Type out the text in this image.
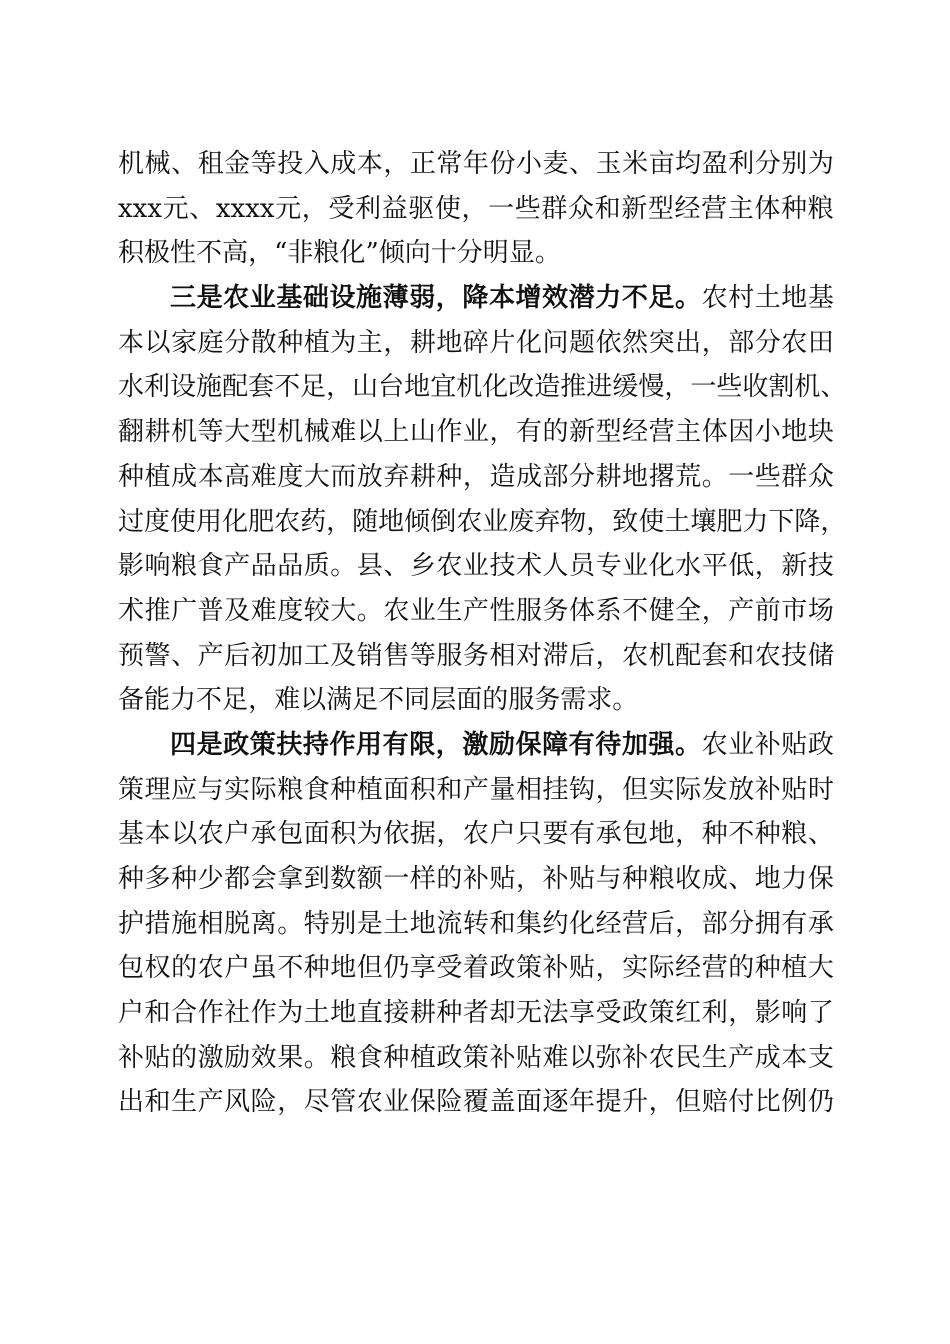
机 械 、 租 金 等 投 入 成 本 ， 正 常 年 份 小 麦 、 玉 米 亩 均 盈 利 分 别 为
xxx 元 、 xxxx 元 ， 受 利 益 驱 使 ， 一 些 群 众 和 新 型 经 营 主 体 种 粮
积 极 性 不 高 ， “ 非 粮 化 ” 倾 向 十 分 明 显 。
三 是 农 业 基 础 设 施 薄 弱 ， 降 本 增 效 潜 力 不 足 。 农 村 土 地 基
本 以 家 庭 分 散 种 植 为 主 ， 耕 地 碎 片 化 问 题 依 然 突 出 ， 部 分 农 田
水 利 设 施 配 套 不 足 ， 山 台 地 宜 机 化 改 造 推 进 缓 慢 ， 一 些 收 割 机 、
翻 耕 机 等 大 型 机 械 难 以 上 山 作 业 ， 有 的 新 型 经 营 主 体 因 小 地 块
种 植 成 本 高 难 度 大 而 放 弃 耕 种 ， 造 成 部 分 耕 地 撂 荒 。 一 些 群 众
过 度 使 用 化 肥 农 药 ， 随 地 倾 倒 农 业 废 弃 物 ， 致 使 土 壤 肥 力 下 降 ，
影 响 粮 食 产 品 品 质 。 县 、 乡 农 业 技 术 人 员 专 业 化 水 平 低 ， 新 技
术 推 广 普 及 难 度 较 大 。 农 业 生 产 性 服 务 体 系 不 健 全 ， 产 前 市 场
预 警 、 产 后 初 加 工 及 销 售 等 服 务 相 对 滞 后 ， 农 机 配 套 和 农 技 储
备 能 力 不 足 ， 难 以 满 足 不 同 层 面 的 服 务 需 求 。
四 是 政 策 扶 持 作 用 有 限 ， 激 励 保 障 有 待 加 强 。 农 业 补 贴 政
策 理 应 与 实 际 粮 食 种 植 面 积 和 产 量 相 挂 钩 ， 但 实 际 发 放 补 贴 时
基 本 以 农 户 承 包 面 积 为 依 据 ， 农 户 只 要 有 承 包 地 ， 种 不 种 粮 、
种 多 种 少 都 会 拿 到 数 额 一 样 的 补 贴 ， 补 贴 与 种 粮 收 成 、 地 力 保
护 措 施 相 脱 离 。 特 别 是 土 地 流 转 和 集 约 化 经 营 后 ， 部 分 拥 有 承
包 权 的 农 户 虽 不 种 地 但 仍 享 受 着 政 策 补 贴 ， 实 际 经 营 的 种 植 大
户 和 合 作 社 作 为 土 地 直 接 耕 种 者 却 无 法 享 受 政 策 红 利 ， 影 响 了
补 贴 的 激 励 效 果 。 粮 食 种 植 政 策 补 贴 难 以 弥 补 农 民 生 产 成 本 支
出 和 生 产 风 险 ， 尽 管 农 业 保 险 覆 盖 面 逐 年 提 升 ， 但 赔 付 比 例 仍
